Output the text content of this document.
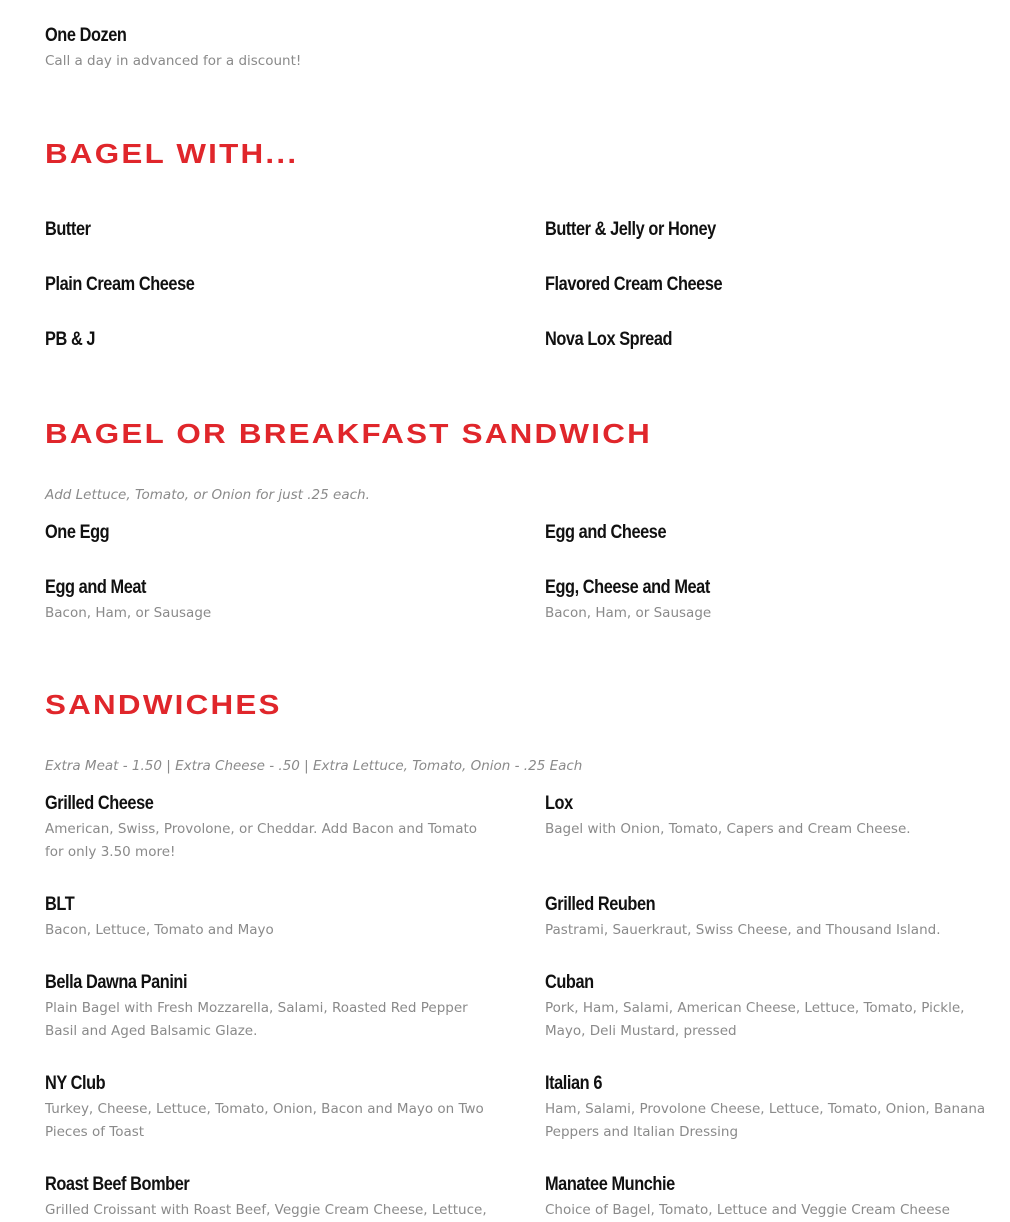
One Dozen

Call a day in advanced for a discount!

BAGEL WITH...

Butter	Butter & Jelly or Honey

Plain Cream Cheese	Flavored Cream Cheese

PB & J	Nova Lox Spread

BAGEL OR BREAKFAST SANDWICH

Add Lettuce, Tomato, or Onion for just .25 each.

One Egg	Egg and Cheese

Egg and Meat

Bacon, Ham, or Sausage

Egg, Cheese and Meat

Bacon, Ham, or Sausage

SANDWICHES

Extra Meat - 1.50 | Extra Cheese - .50 | Extra Lettuce, Tomato, Onion - .25 Each

Grilled Cheese

American, Swiss, Provolone, or Cheddar. Add Bacon and Tomato for only 3.50 more!

Lox

Bagel with Onion, Tomato, Capers and Cream Cheese.

BLT

Bacon, Lettuce, Tomato and Mayo

Grilled Reuben

Pastrami, Sauerkraut, Swiss Cheese, and Thousand Island.

Bella Dawna Panini

Plain Bagel with Fresh Mozzarella, Salami, Roasted Red Pepper Basil and Aged Balsamic Glaze.

Cuban

Pork, Ham, Salami, American Cheese, Lettuce, Tomato, Pickle, Mayo, Deli Mustard, pressed

NY Club

Turkey, Cheese, Lettuce, Tomato, Onion, Bacon and Mayo on Two Pieces of Toast

Italian 6

Ham, Salami, Provolone Cheese, Lettuce, Tomato, Onion, Banana Peppers and Italian Dressing

Roast Beef Bomber

Grilled Croissant with Roast Beef, Veggie Cream Cheese, Lettuce,

Manatee Munchie

Choice of Bagel, Tomato, Lettuce and Veggie Cream Cheese
